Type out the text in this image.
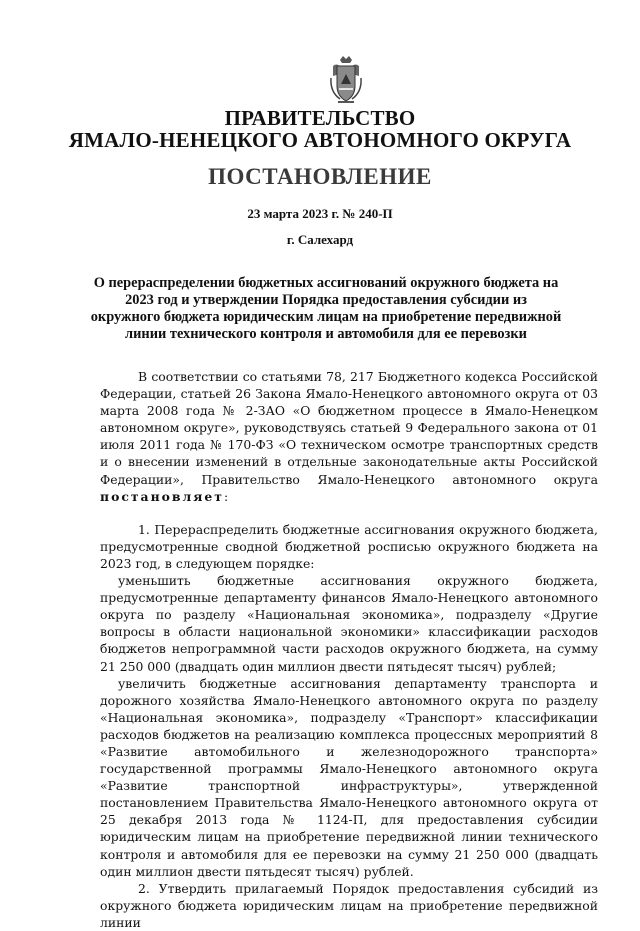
ПРАВИТЕЛЬСТВО
ЯМАЛО-НЕНЕЦКОГО АВТОНОМНОГО ОКРУГА
ПОСТАНОВЛЕНИЕ
23 марта 2023 г. № 240-П
г. Салехард
О перераспределении бюджетных ассигнований окружного бюджета на 2023 год и утверждении Порядка предоставления субсидии из окружного бюджета юридическим лицам на приобретение передвижной линии технического контроля и автомобиля для ее перевозки

В соответствии со статьями 78, 217 Бюджетного кодекса Российской Федерации, статьей 26 Закона Ямало-Ненецкого автономного округа от 03 марта 2008 года № 2-ЗАО «О бюджетном процессе в Ямало-Ненецком автономном округе», руководствуясь статьей 9 Федерального закона от 01 июля 2011 года № 170-ФЗ «О техническом осмотре транспортных средств и о внесении изменений в отдельные законодательные акты Российской Федерации», Правительство Ямало-Ненецкого автономного округа постановляет:

1. Перераспределить бюджетные ассигнования окружного бюджета, предусмотренные сводной бюджетной росписью окружного бюджета на 2023 год, в следующем порядке:

уменьшить бюджетные ассигнования окружного бюджета, предусмотренные департаменту финансов Ямало-Ненецкого автономного округа по разделу «Национальная экономика», подразделу «Другие вопросы в области национальной экономики» классификации расходов бюджетов непрограммной части расходов окружного бюджета, на сумму 21 250 000 (двадцать один миллион двести пятьдесят тысяч) рублей;

увеличить бюджетные ассигнования департаменту транспорта и дорожного хозяйства Ямало-Ненецкого автономного округа по разделу «Национальная экономика», подразделу «Транспорт» классификации расходов бюджетов на реализацию комплекса процессных мероприятий 8 «Развитие автомобильного и железнодорожного транспорта» государственной программы Ямало-Ненецкого автономного округа «Развитие транспортной инфраструктуры», утвержденной постановлением Правительства Ямало-Ненецкого автономного округа от 25 декабря 2013 года № 1124-П, для предоставления субсидии юридическим лицам на приобретение передвижной линии технического контроля и автомобиля для ее перевозки на сумму 21 250 000 (двадцать один миллион двести пятьдесят тысяч) рублей.

2. Утвердить прилагаемый Порядок предоставления субсидий из окружного бюджета юридическим лицам на приобретение передвижной линии
